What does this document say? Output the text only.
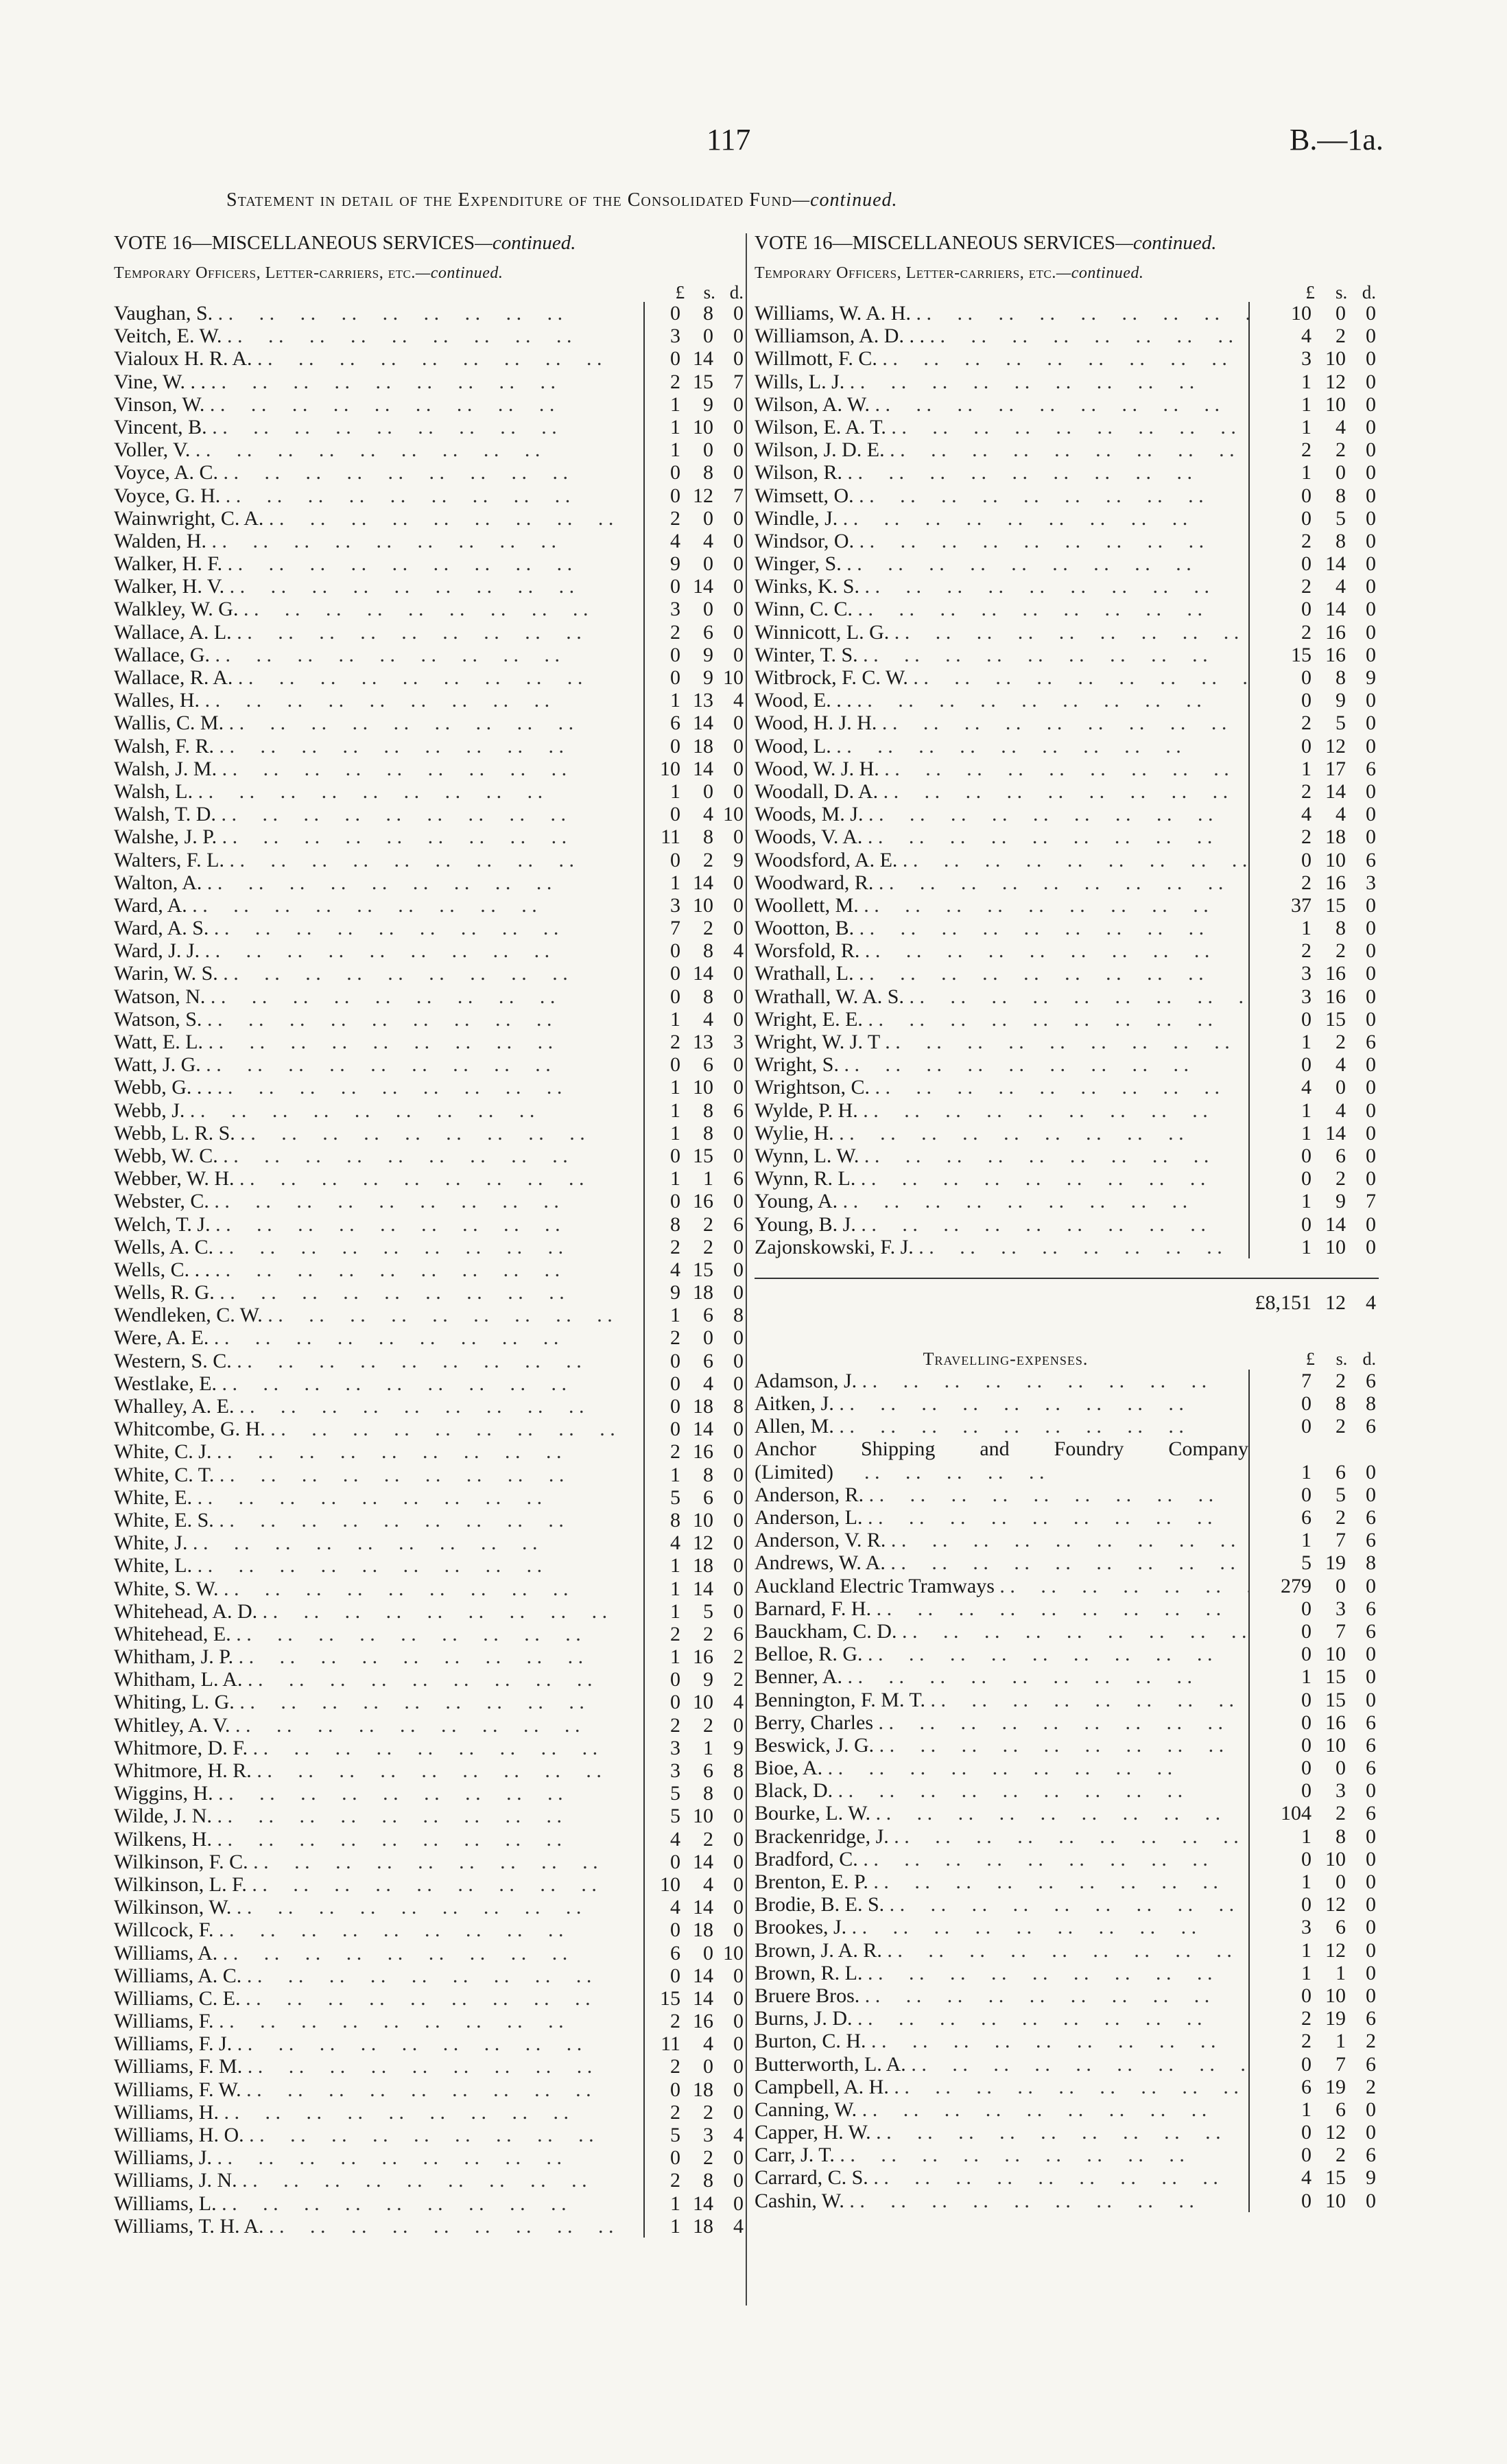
117	B.—1a.
Statement in detail of the Expenditure of the Consolidated Fund—continued.
VOTE 16—MISCELLANEOUS SERVICES—continued.
Temporary Officers, Letter-carriers, etc.—continued.
£	s. d.
Vaughan, S. . .	0	8 0
Veitch, E. W. . .	3	0 0
Vialoux H. R. A. . .	0 14 0
Vine, W. . . . .	2 15 7
Vinson, W. . .	1	9 0
Vincent, B. . .	1 10 0
Voller, V. . .	1	0 0
Voyce, A. C. . .	0	8 0
Voyce, G. H. . .	0 12 7
Wainwright, C. A. . .	2	0 0
Walden, H. . .	4	4 0
Walker, H. F. . .	9	0 0
Walker, H. V. . .	0 14 0
Walkley, W. G. . .	3	0 0
Wallace, A. L. . .	2	6 0
Wallace, G. . .	0	9 0
Wallace, R. A. . .	0	9 10
Walles, H. . .	1 13 4
Wallis, C. M. . .	6 14 0
Walsh, F. R. . .	0 18 0
Walsh, J. M. . .	10 14 0
Walsh, L. . .	1	0 0
Walsh, T. D. . .	0	4 10
Walshe, J. P. . .	11	8 0
Walters, F. L. . .	0	2 9
Walton, A. . .	1 14 0
Ward, A. . .	3 10 0
Ward, A. S. . .	7	2 0
Ward, J. J. . .	0	8 4
Warin, W. S. . .	0 14 0
Watson, N. . .	0	8 0
Watson, S. . .	1	4 0
Watt, E. L. . .	2 13 3
Watt, J. G. . .	0	6 0
Webb, G. . . . .	1 10 0
Webb, J. . .	1	8 6
Webb, L. R. S. . .	1	8 0
Webb, W. C. . .	0 15 0
Webber, W. H. . .	1	1 6
Webster, C. . .	0 16 0
Welch, T. J. . .	8	2 6
Wells, A. C. . .	2	2 0
Wells, C. . . . .	4 15 0
Wells, R. G. . .	9 18 0
Wendleken, C. W. . .	1	6 8
Were, A. E. . .	2	0 0
Western, S. C. . .	0	6 0
Westlake, E. . .	0	4 0
Whalley, A. E. . .	0 18 8
Whitcombe, G. H. . .	0 14 0
White, C. J. . .	2 16 0
White, C. T. . .	1	8 0
White, E. . .	5	6 0
White, E. S. . .	8 10 0
White, J. . .	4 12 0
White, L. . .	1 18 0
White, S. W. . .	1 14 0
Whitehead, A. D. . .	1	5 0
Whitehead, E. . .	2	2 6
Whitham, J. P. . .	1 16 2
Whitham, L. A. . .	0	9 2
Whiting, L. G. . .	0 10 4
Whitley, A. V. . .	2	2 0
Whitmore, D. F. . .	3	1 9
Whitmore, H. R. . .	3	6 8
Wiggins, H. . .	5	8 0
Wilde, J. N. . .	5 10 0
Wilkens, H. . .	4	2 0
Wilkinson, F. C. . .	0 14 0
Wilkinson, L. F. . .	10	4 0
Wilkinson, W. . .	4 14 0
Willcock, F. . .	0 18 0
Williams, A. . .	6	0 10
Williams, A. C. . .	0 14 0
Williams, C. E. . .	15 14 0
Williams, F. . .	2 16 0
Williams, F. J. . .	11	4 0
Williams, F. M. . .	2	0 0
Williams, F. W. . .	0 18 0
Williams, H. . .	2	2 0
Williams, H. O. . .	5	3 4
Williams, J. . .	0	2 0
Williams, J. N. . .	2	8 0
Williams, L. . .	1 14 0
Williams, T. H. A. . .	1 18 4
VOTE 16—MISCELLANEOUS SERVICES—continued.
Temporary Officers, Letter-carriers, etc.—continued.
£	s. d.
Williams, W. A. H. . .	10	0 0
Williamson, A. D. . . . .	4	2 0
Willmott, F. C. . .	3 10 0
Wills, L. J. . .	1 12 0
Wilson, A. W. . .	1 10 0
Wilson, E. A. T. . .	1	4 0
Wilson, J. D. E. . .	2	2 0
Wilson, R. . .	1	0 0
Wimsett, O. . .	0	8 0
Windle, J. . .	0	5 0
Windsor, O. . .	2	8 0
Winger, S. . .	0 14 0
Winks, K. S. . .	2	4 0
Winn, C. C. . .	0 14 0
Winnicott, L. G. . .	2 16 0
Winter, T. S. . .	15 16 0
Witbrock, F. C. W. . .	0	8 9
Wood, E. . . . .	0	9 0
Wood, H. J. H. . .	2	5 0
Wood, L. . .	0 12 0
Wood, W. J. H. . .	1 17 6
Woodall, D. A. . .	2 14 0
Woods, M. J. . .	4	4 0
Woods, V. A. . .	2 18 0
Woodsford, A. E. . .	0 10 6
Woodward, R. . .	2 16 3
Woollett, M. . .	37 15 0
Wootton, B. . .	1	8 0
Worsfold, R. . .	2	2 0
Wrathall, L. . .	3 16 0
Wrathall, W. A. S. . .	3 16 0
Wright, E. E. . .	0 15 0
Wright, W. J. T . .	1	2 6
Wright, S. . .	0	4 0
Wrightson, C. . .	4	0 0
Wylde, P. H. . .	1	4 0
Wylie, H. . .	1 14 0
Wynn, L. W. . .	0	6 0
Wynn, R. L. . .	0	2 0
Young, A. . .	1	9 7
Young, B. J. . .	0 14 0
Zajonskowski, F. J. . .	1 10 0
£8,151 12 4
Travelling-expenses.	£	s. d.
Adamson, J. . .	7	2 6
Aitken, J. . .	0	8 8
Allen, M. . .	0	2 6
Anchor Shipping and Foundry Company
(Limited)      . .     . .     . .     . .     . .	1	6 0
Anderson, R. . .	0	5 0
Anderson, L. . .	6	2 6
Anderson, V. R. . .	1	7 6
Andrews, W. A. . .	5 19 8
Auckland Electric Tramways . .	279	0 0
Barnard, F. H. . .	0	3 6
Bauckham, C. D. . .	0	7 6
Belloe, R. G. . .	0 10 0
Benner, A. . .	1 15 0
Bennington, F. M. T. . .	0 15 0
Berry, Charles . .	0 16 6
Beswick, J. G. . .	0 10 6
Bioe, A. . .	0	0 6
Black, D. . .	0	3 0
Bourke, L. W. . .	104	2 6
Brackenridge, J. . .	1	8 0
Bradford, C. . .	0 10 0
Brenton, E. P. . .	1	0 0
Brodie, B. E. S. . .	0 12 0
Brookes, J. . .	3	6 0
Brown, J. A. R. . .	1 12 0
Brown, R. L. . .	1	1 0
Bruere Bros. . .	0 10 0
Burns, J. D. . .	2 19 6
Burton, C. H. . .	2	1 2
Butterworth, L. A. . .	0	7 6
Campbell, A. H. . .	6 19 2
Canning, W. . .	1	6 0
Capper, H. W. . .	0 12 0
Carr, J. T. . .	0	2 6
Carrard, C. S. . .	4 15 9
Cashin, W. . .	0 10 0
